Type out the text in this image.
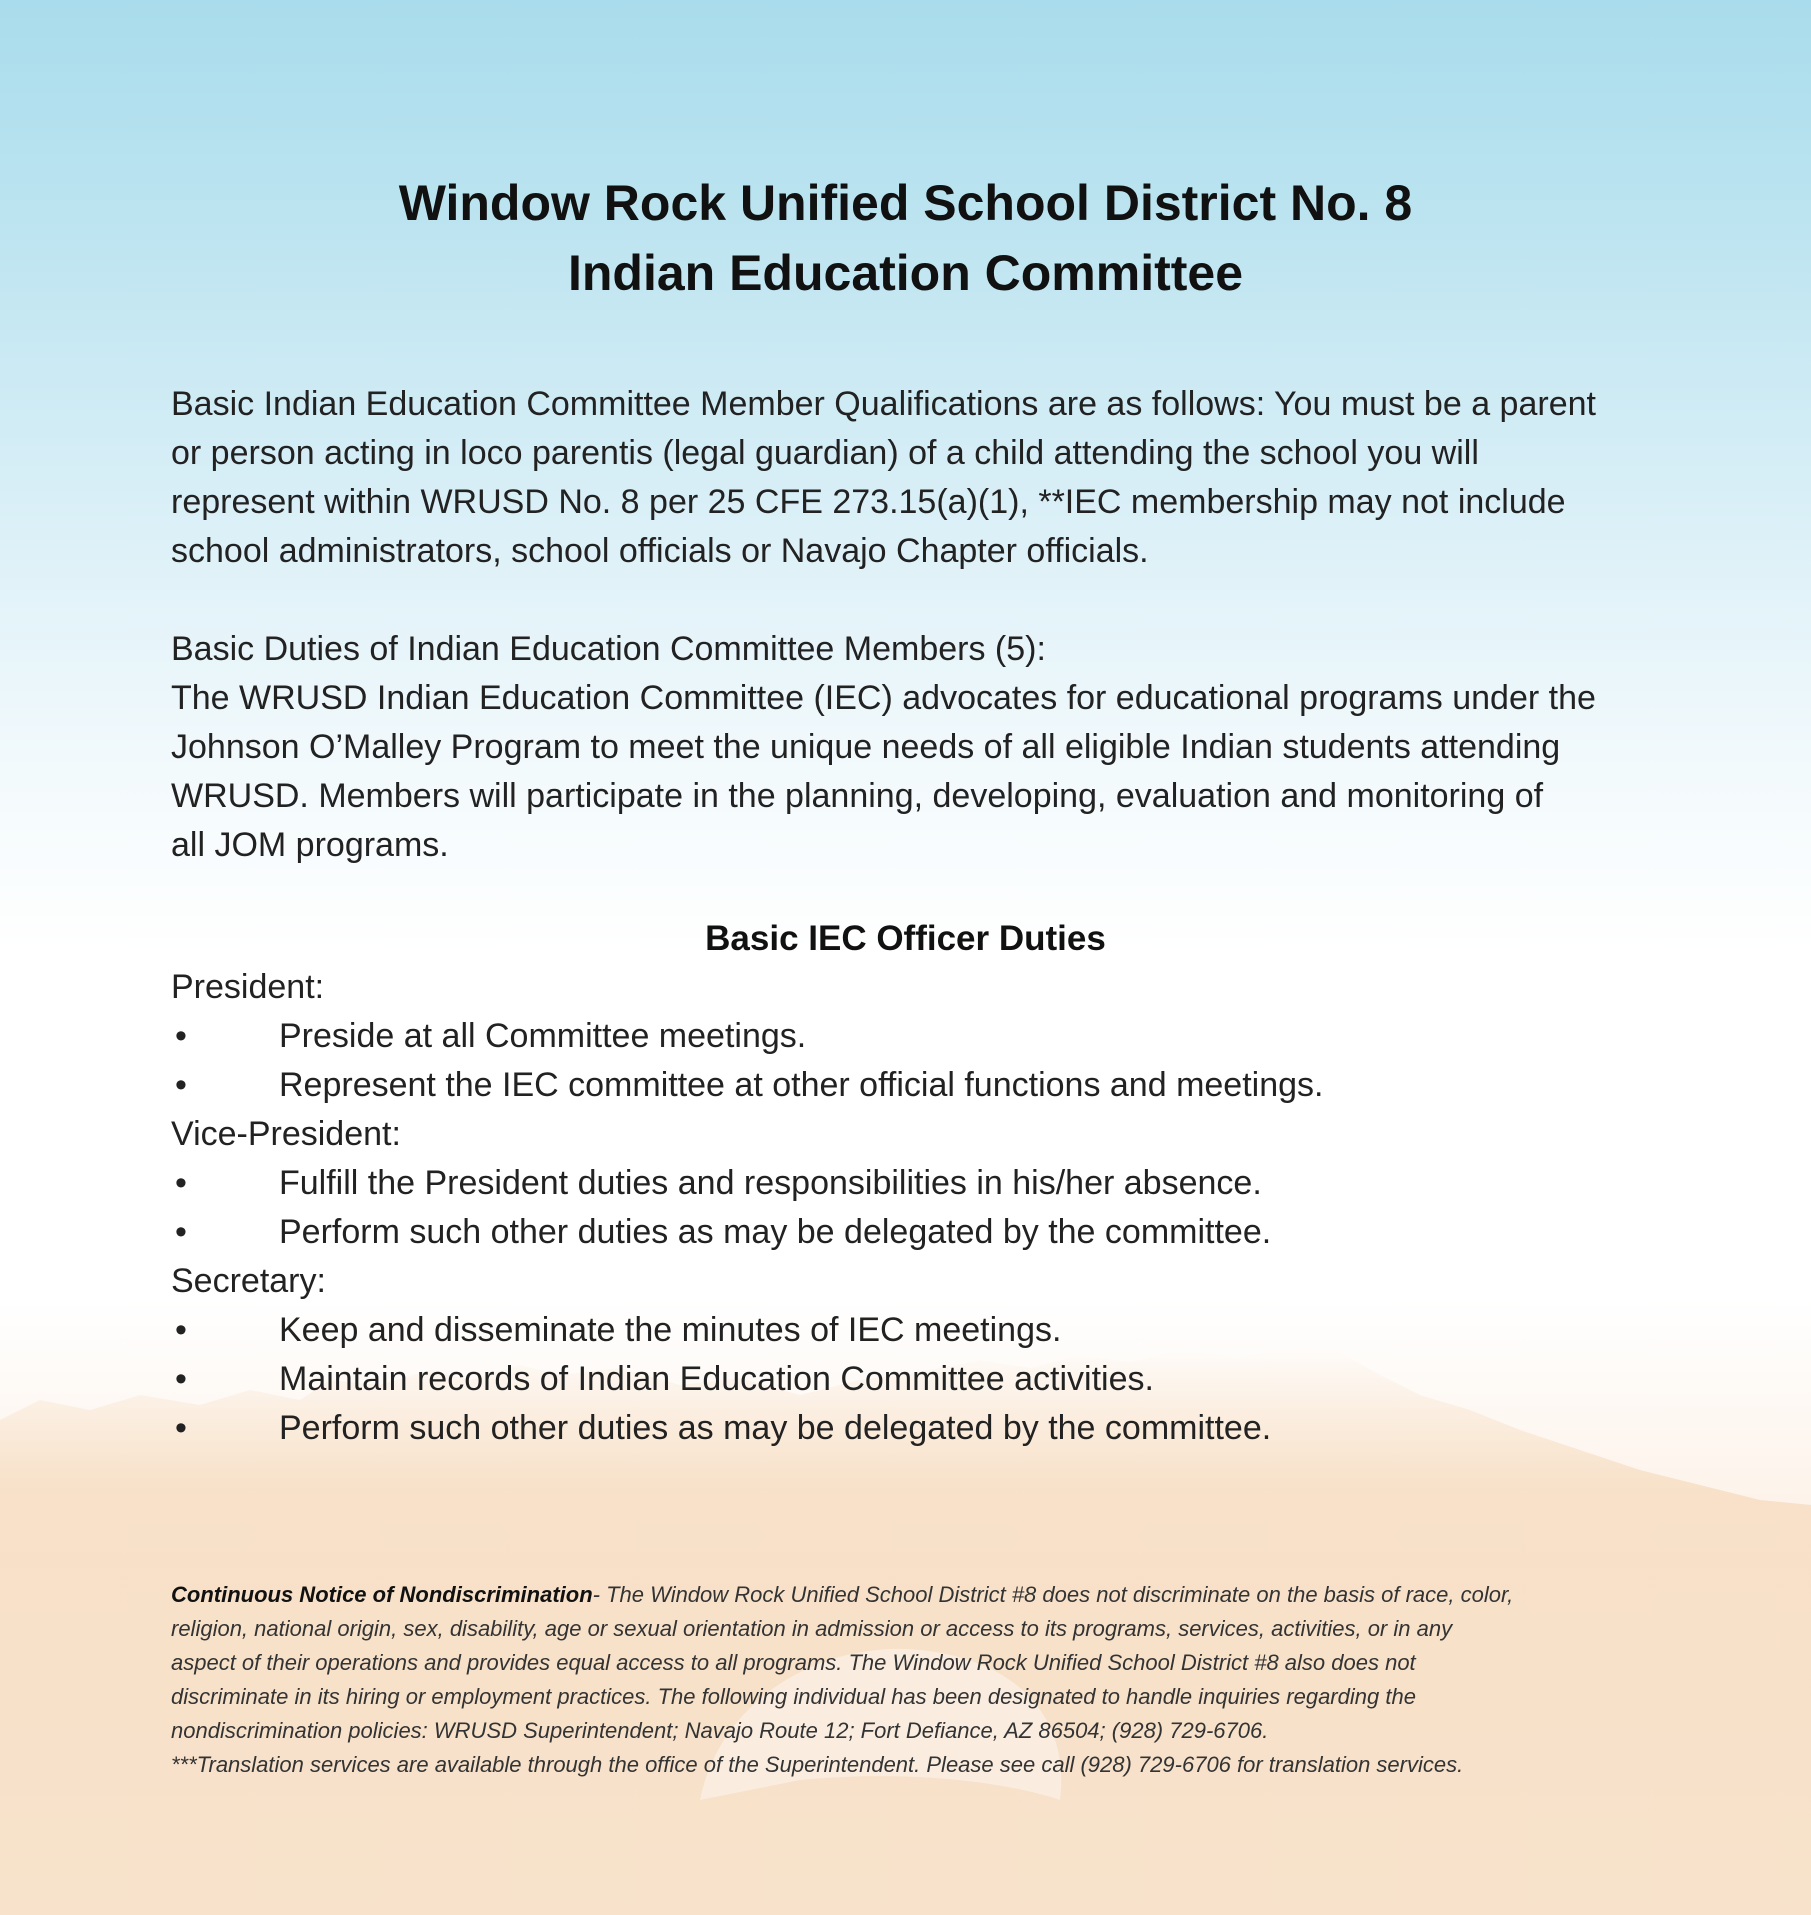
Window Rock Unified School District No. 8
Indian Education Committee

Basic Indian Education Committee Member Qualifications are as follows: You must be a parent

or person acting in loco parentis (legal guardian) of a child attending the school you will

represent within WRUSD No. 8 per 25 CFE 273.15(a)(1), **IEC membership may not include

school administrators, school officials or Navajo Chapter officials.

Basic Duties of Indian Education Committee Members (5):

The WRUSD Indian Education Committee (IEC) advocates for educational programs under the

Johnson O’Malley Program to meet the unique needs of all eligible Indian students attending

WRUSD. Members will participate in the planning, developing, evaluation and monitoring of

all JOM programs.

Basic IEC Officer Duties
President:
•	Preside at all Committee meetings.
•	Represent the IEC committee at other official functions and meetings.
Vice-President:
•	Fulfill the President duties and responsibilities in his/her absence.
•	Perform such other duties as may be delegated by the committee.
Secretary:
•	Keep and disseminate the minutes of IEC meetings.
•	Maintain records of Indian Education Committee activities.
•	Perform such other duties as may be delegated by the committee.

Continuous Notice of Nondiscrimination- The Window Rock Unified School District #8 does not discriminate on the basis of race, color,

religion, national origin, sex, disability, age or sexual orientation in admission or access to its programs, services, activities, or in any

aspect of their operations and provides equal access to all programs. The Window Rock Unified School District #8 also does not

discriminate in its hiring or employment practices. The following individual has been designated to handle inquiries regarding the

nondiscrimination policies: WRUSD Superintendent; Navajo Route 12; Fort Defiance, AZ 86504; (928) 729-6706.

***Translation services are available through the office of the Superintendent. Please see call (928) 729-6706 for translation services.
